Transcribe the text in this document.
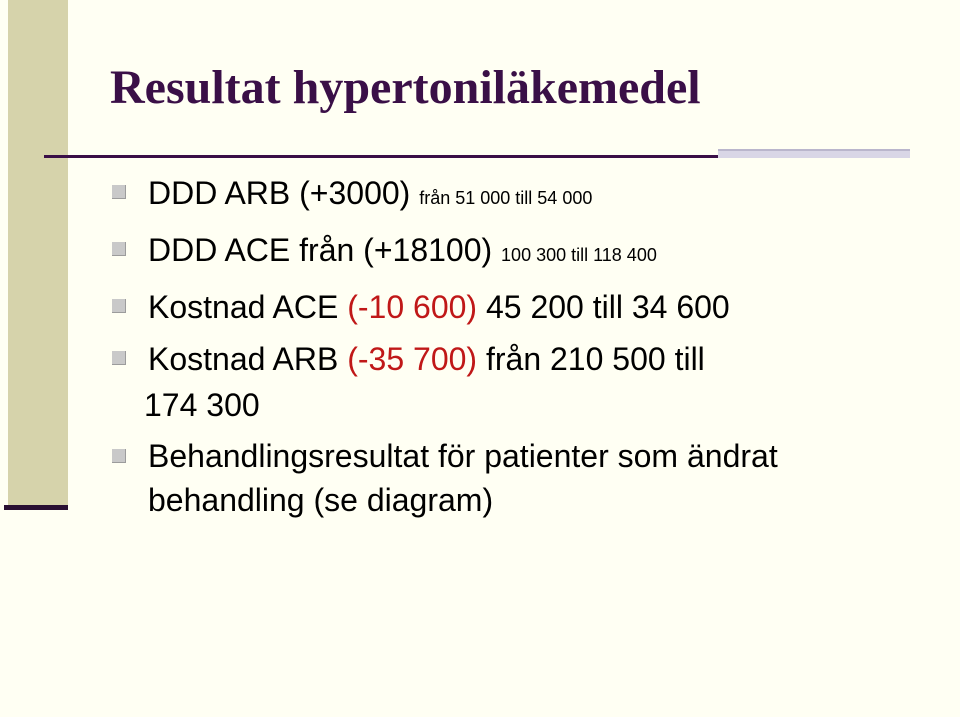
Resultat hypertoniläkemedel
DDD ARB (+3000) från 51 000 till 54 000
DDD ACE från (+18100) 100 300 till 118 400
Kostnad ACE (-10 600) 45 200 till 34 600
Kostnad ARB (-35 700) från 210 500 till
174 300
Behandlingsresultat för patienter som ändrat behandling (se diagram)
